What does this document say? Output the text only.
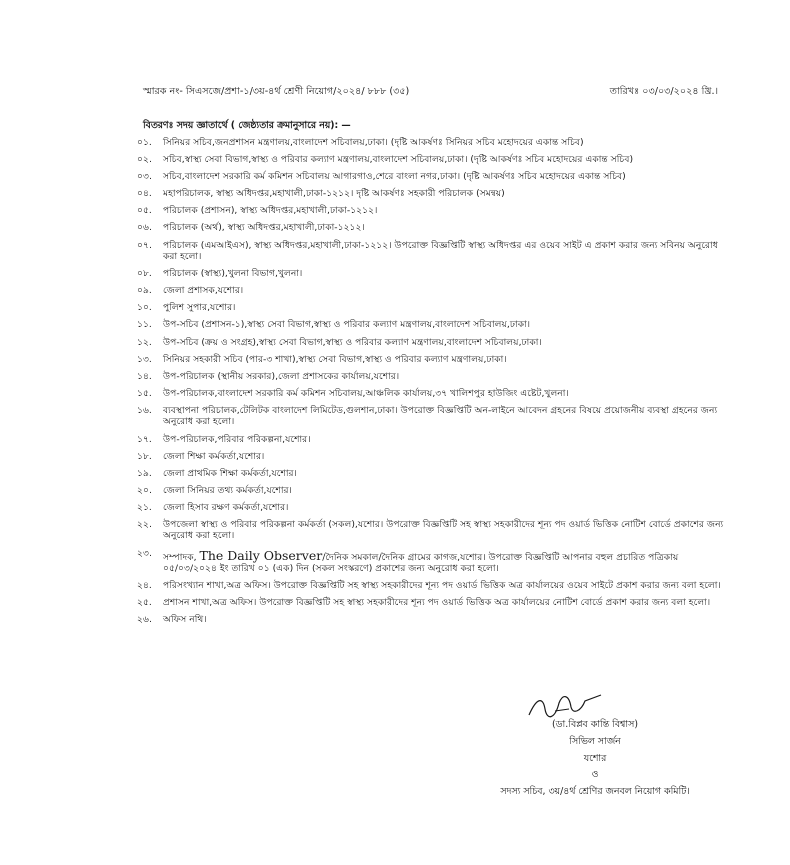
স্মারক নং- সিএসজে/প্রশা-১/৩য়-৪র্থ শ্রেণী নিয়োগ/২০২৪/ ৮৮৮ (৩৫)	তারিখঃ ০৩/০৩/২০২৪ খ্রি.।
বিতরণঃ সদয় জ্ঞাতার্থে ( জেষ্ঠ্যতার ক্রমানুসারে নয়): —
০১.	সিনিয়র সচিব,জনপ্রশাসন মন্ত্রণালয়,বাংলাদেশ সচিবালয়,ঢাকা। (দৃষ্টি আকর্ষণঃ সিনিয়র সচিব মহোদয়ের একান্ত সচিব)
০২.	সচিব,স্বাস্থ্য সেবা বিভাগ,স্বাস্থ্য ও পরিবার কল্যাণ মন্ত্রণালয়,বাংলাদেশ সচিবালয়,ঢাকা। (দৃষ্টি আকর্ষণঃ সচিব মহোদয়ের একান্ত সচিব)
০৩.	সচিব,বাংলাদেশ সরকারি কর্ম কমিশন সচিবালয় আগারগাও,শেরে বাংলা নগর,ঢাকা। (দৃষ্টি আকর্ষণঃ সচিব মহোদয়ের একান্ত সচিব)
০৪.	মহাপরিচালক, স্বাস্থ্য অধিদপ্তর,মহাখালী,ঢাকা-১২১২। দৃষ্টি আকর্ষণঃ সহকারী পরিচালক (সমন্বয়)
০৫.	পরিচালক (প্রশাসন), স্বাস্থ্য অধিদপ্তর,মহাখালী,ঢাকা-১২১২।
০৬.	পরিচালক (অর্থ), স্বাস্থ্য অধিদপ্তর,মহাখালী,ঢাকা-১২১২।
০৭.	পরিচালক (এমআইএস), স্বাস্থ্য অধিদপ্তর,মহাখালী,ঢাকা-১২১২। উপরোক্ত বিজ্ঞপ্তিটি স্বাস্থ্য অধিদপ্তর এর ওয়েব সাইট এ প্রকাশ করার জন্য সবিনয় অনুরোধ করা হলো।
০৮.	পরিচালক (স্বাস্থ্য),খুলনা বিভাগ,খুলনা।
০৯.	জেলা প্রশাসক,যশোর।
১০.	পুলিশ সুপার,যশোর।
১১.	উপ-সচিব (প্রশাসন-১),স্বাস্থ্য সেবা বিভাগ,স্বাস্থ্য ও পরিবার কল্যাণ মন্ত্রণালয়,বাংলাদেশ সচিবালয়,ঢাকা।
১২.	উপ-সচিব (ক্রয় ও সংগ্রহ),স্বাস্থ্য সেবা বিভাগ,স্বাস্থ্য ও পরিবার কল্যাণ মন্ত্রণালয়,বাংলাদেশ সচিবালয়,ঢাকা।
১৩.	সিনিয়র সহকারী সচিব (পার-৩ শাখা),স্বাস্থ্য সেবা বিভাগ,স্বাস্থ্য ও পরিবার কল্যাণ মন্ত্রণালয়,ঢাকা।
১৪.	উপ-পরিচালক (স্থানীয় সরকার),জেলা প্রশাসকের কার্যালয়,যশোর।
১৫.	উপ-পরিচালক,বাংলাদেশ সরকারি কর্ম কমিশন সচিবালয়,আঞ্চলিক কার্যালয়,৩৭ খালিশপুর হাউজিং এষ্টেট,খুলনা।
১৬.	ব্যবস্থাপনা পরিচালক,টেলিটক বাংলাদেশ লিমিটেড,গুলশান,ঢাকা। উপরোক্ত বিজ্ঞপ্তিটি অন-লাইনে আবেদন গ্রহনের বিষয়ে প্রয়োজনীয় ব্যবস্থা গ্রহনের জন্য অনুরোধ করা হলো।
১৭.	উপ-পরিচালক,পরিবার পরিকল্পনা,যশোর।
১৮.	জেলা শিক্ষা কর্মকর্তা,যশোর।
১৯.	জেলা প্রাথমিক শিক্ষা কর্মকর্তা,যশোর।
২০.	জেলা সিনিয়র তথ্য কর্মকর্তা,যশোর।
২১.	জেলা হিসাব রক্ষণ কর্মকর্তা,যশোর।
২২.	উপজেলা স্বাস্থ্য ও পরিবার পরিকল্পনা কর্মকর্তা (সকল),যশোর। উপরোক্ত বিজ্ঞপ্তিটি সহ স্বাস্থ্য সহকারীদের শূন্য পদ ওয়ার্ড ভিত্তিক নোটিশ বোর্ডে প্রকাশের জন্য অনুরোধ করা হলো।
২৩.	সম্পাদক, The Daily Observer/দৈনিক সমকাল/দৈনিক গ্রামের কাগজ,যশোর। উপরোক্ত বিজ্ঞপ্তিটি আপনার বহুল প্রচারিত পত্রিকায় ০৫/০৩/২০২৪ ইং তারিখ ০১ (এক) দিন (সকল সংস্করণে) প্রকাশের জন্য অনুরোধ করা হলো।
২৪.	পরিসংখ্যান শাখা,অত্র অফিস। উপরোক্ত বিজ্ঞপ্তিটি সহ স্বাস্থ্য সহকারীদের শূন্য পদ ওয়ার্ড ভিত্তিক অত্র কার্যালয়ের ওয়েব সাইটে প্রকাশ করার জন্য বলা হলো।
২৫.	প্রশাসন শাখা,অত্র অফিস। উপরোক্ত বিজ্ঞপ্তিটি সহ স্বাস্থ্য সহকারীদের শূন্য পদ ওয়ার্ড ভিত্তিক অত্র কার্যালয়ের নোটিশ বোর্ডে প্রকাশ করার জন্য বলা হলো।
২৬.	অফিস নথি।
(ডা.বিপ্লব কান্তি বিশ্বাস)
সিভিল সার্জন
যশোর
ও
সদস্য সচিব, ৩য়/৪র্থ শ্রেণির জনবল নিয়োগ কমিটি।
